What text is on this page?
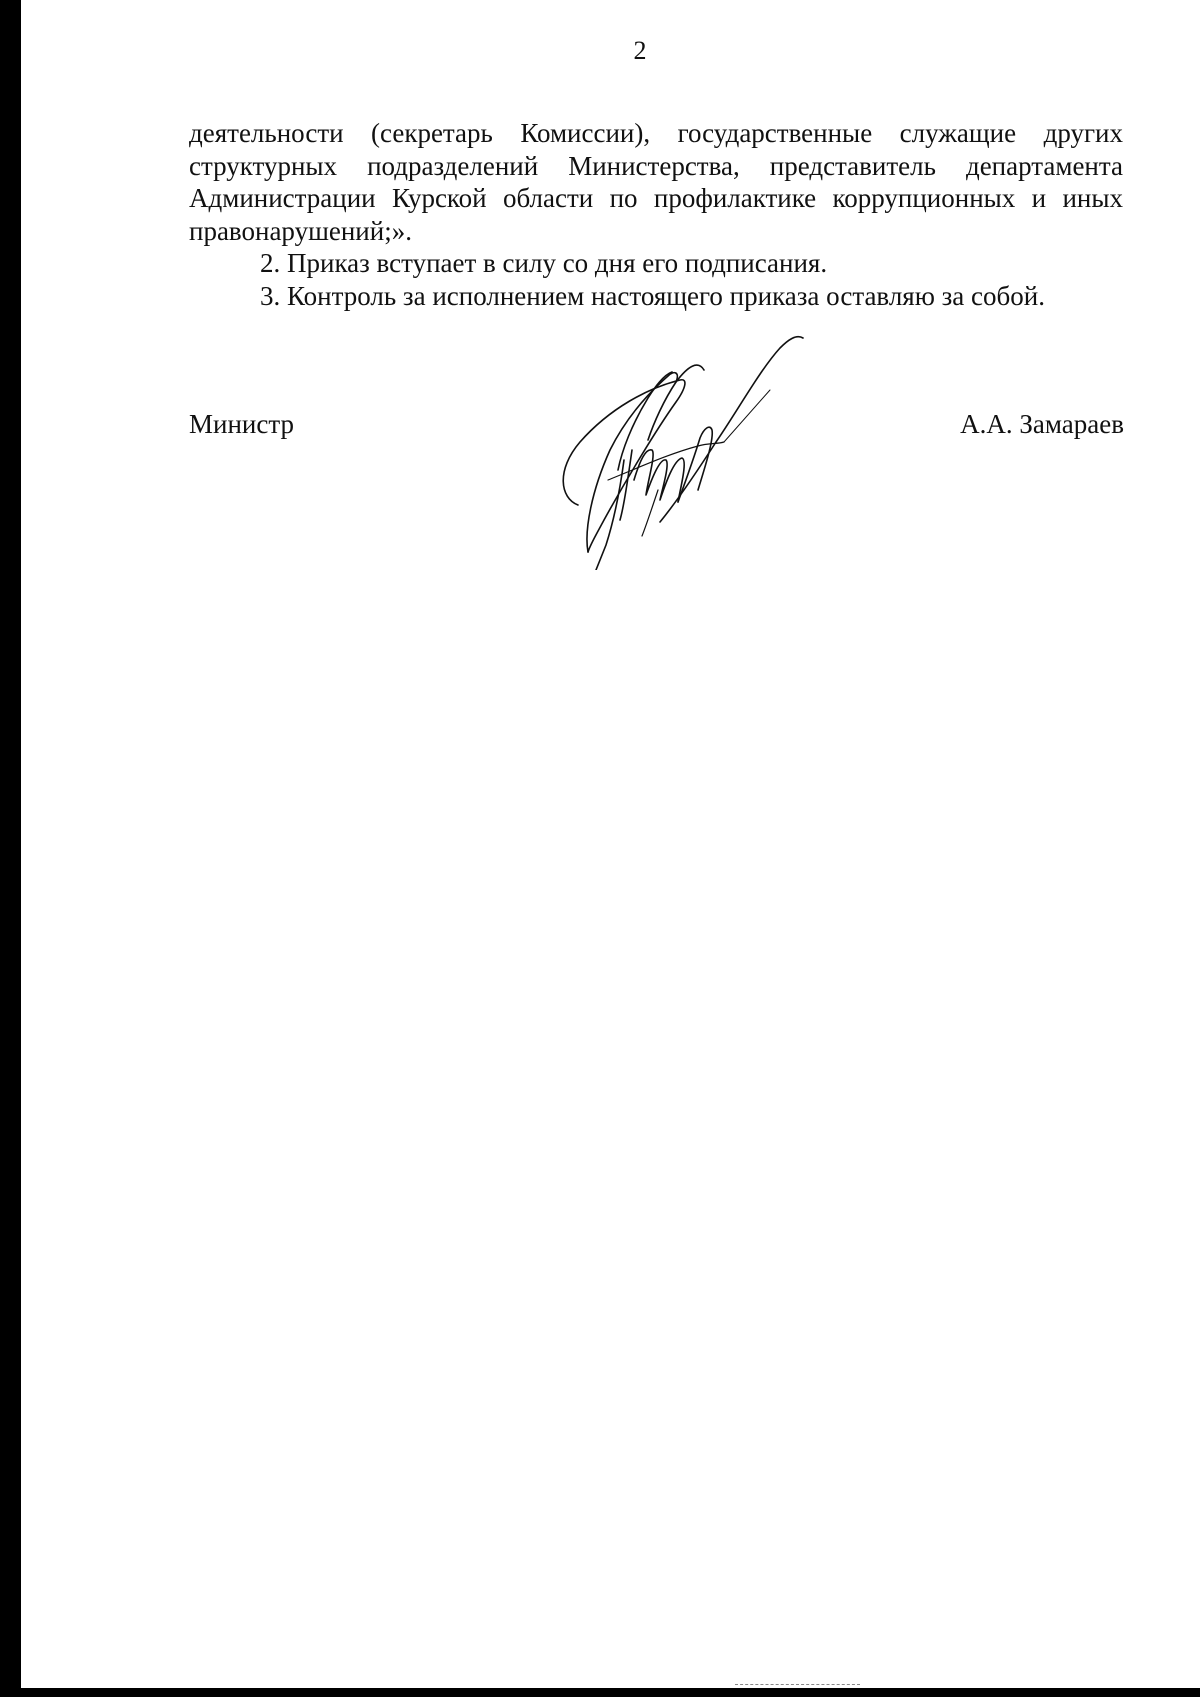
2

деятельности (секретарь Комиссии), государственные служащие других структурных подразделений Министерства, представитель департамента Администрации Курской области по профилактике коррупционных и иных правонарушений;».

2. Приказ вступает в силу со дня его подписания.

3. Контроль за исполнением настоящего приказа оставляю за собой.

Министр	А.А. Замараев
